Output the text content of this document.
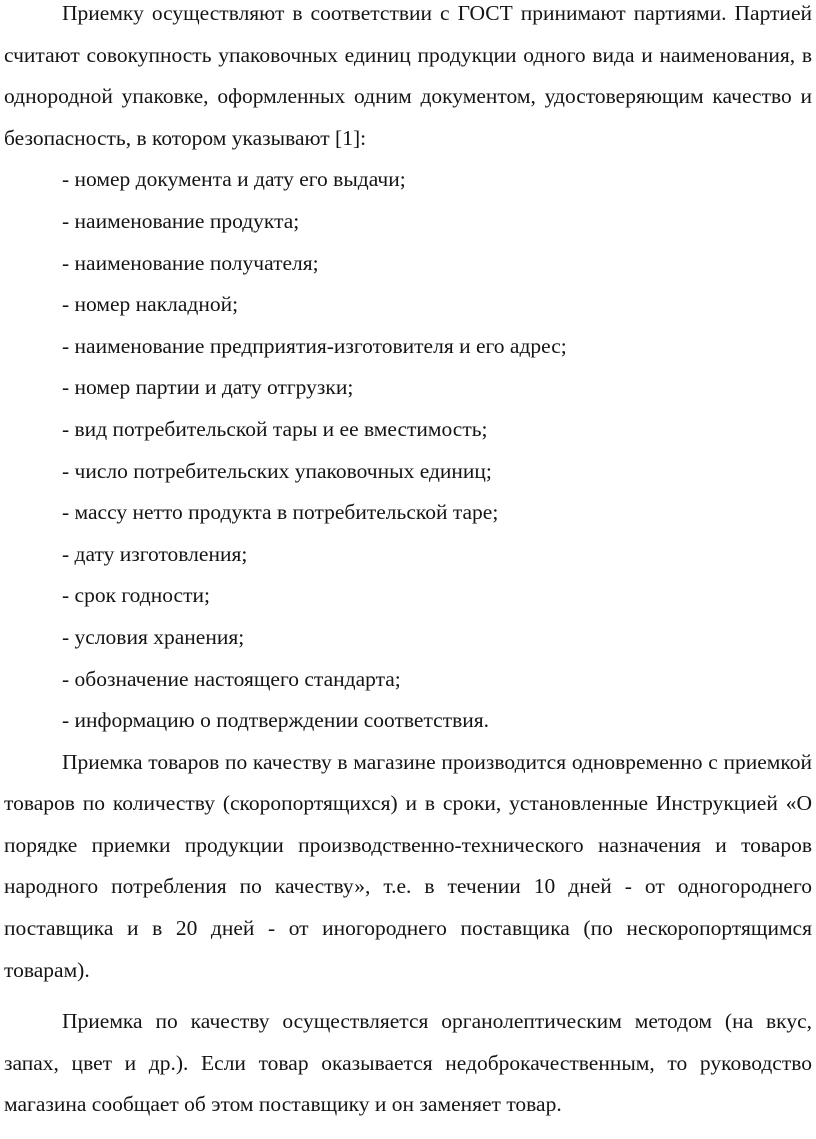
Приемку осуществляют в соответствии с ГОСТ принимают партиями. Партией считают совокупность упаковочных единиц продукции одного вида и наименования, в однородной упаковке, оформленных одним документом, удостоверяющим качество и безопасность, в котором указывают [1]:

- номер документа и дату его выдачи;
- наименование продукта;
- наименование получателя;
- номер накладной;
- наименование предприятия-изготовителя и его адрес;
- номер партии и дату отгрузки;
- вид потребительской тары и ее вместимость;
- число потребительских упаковочных единиц;
- массу нетто продукта в потребительской таре;
- дату изготовления;
- срок годности;
- условия хранения;
- обозначение настоящего стандарта;
- информацию о подтверждении соответствия.

Приемка товаров по качеству в магазине производится одновременно с приемкой товаров по количеству (скоропортящихся) и в сроки, установленные Инструкцией «О порядке приемки продукции производственно-технического назначения и товаров народного потребления по качеству», т.е. в течении 10 дней - от одногороднего поставщика и в 20 дней - от иногороднего поставщика (по нескоропортящимся товарам).

Приемка по качеству осуществляется органолептическим методом (на вкус, запах, цвет и др.). Если товар оказывается недоброкачественным, то руководство магазина сообщает об этом поставщику и он заменяет товар.
